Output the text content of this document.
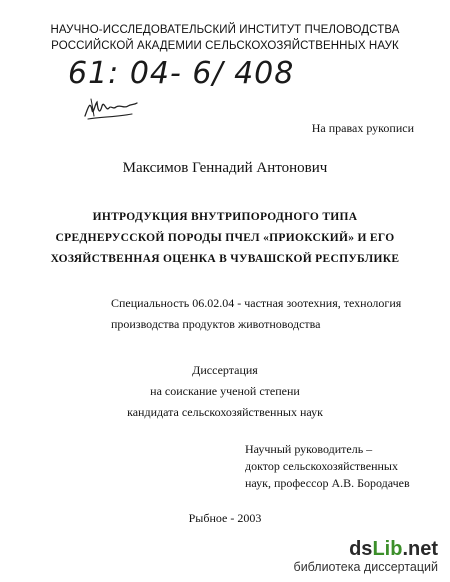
НАУЧНО-ИССЛЕДОВАТЕЛЬСКИЙ ИНСТИТУТ ПЧЕЛОВОДСТВА
РОССИЙСКОЙ АКАДЕМИИ СЕЛЬСКОХОЗЯЙСТВЕННЫХ НАУК
61: 04- 6/ 408
На правах рукописи
Максимов Геннадий Антонович
ИНТРОДУКЦИЯ ВНУТРИПОРОДНОГО ТИПА
СРЕДНЕРУССКОЙ ПОРОДЫ ПЧЕЛ «ПРИОКСКИЙ» И ЕГО
ХОЗЯЙСТВЕННАЯ ОЦЕНКА В ЧУВАШСКОЙ РЕСПУБЛИКЕ
Специальность 06.02.04 - частная зоотехния, технология
производства продуктов животноводства
Диссертация
на соискание ученой степени
кандидата сельскохозяйственных наук
Научный руководитель –
доктор сельскохозяйственных
наук, профессор А.В. Бородачев
Рыбное - 2003
dsLib.net
библиотека диссертаций
